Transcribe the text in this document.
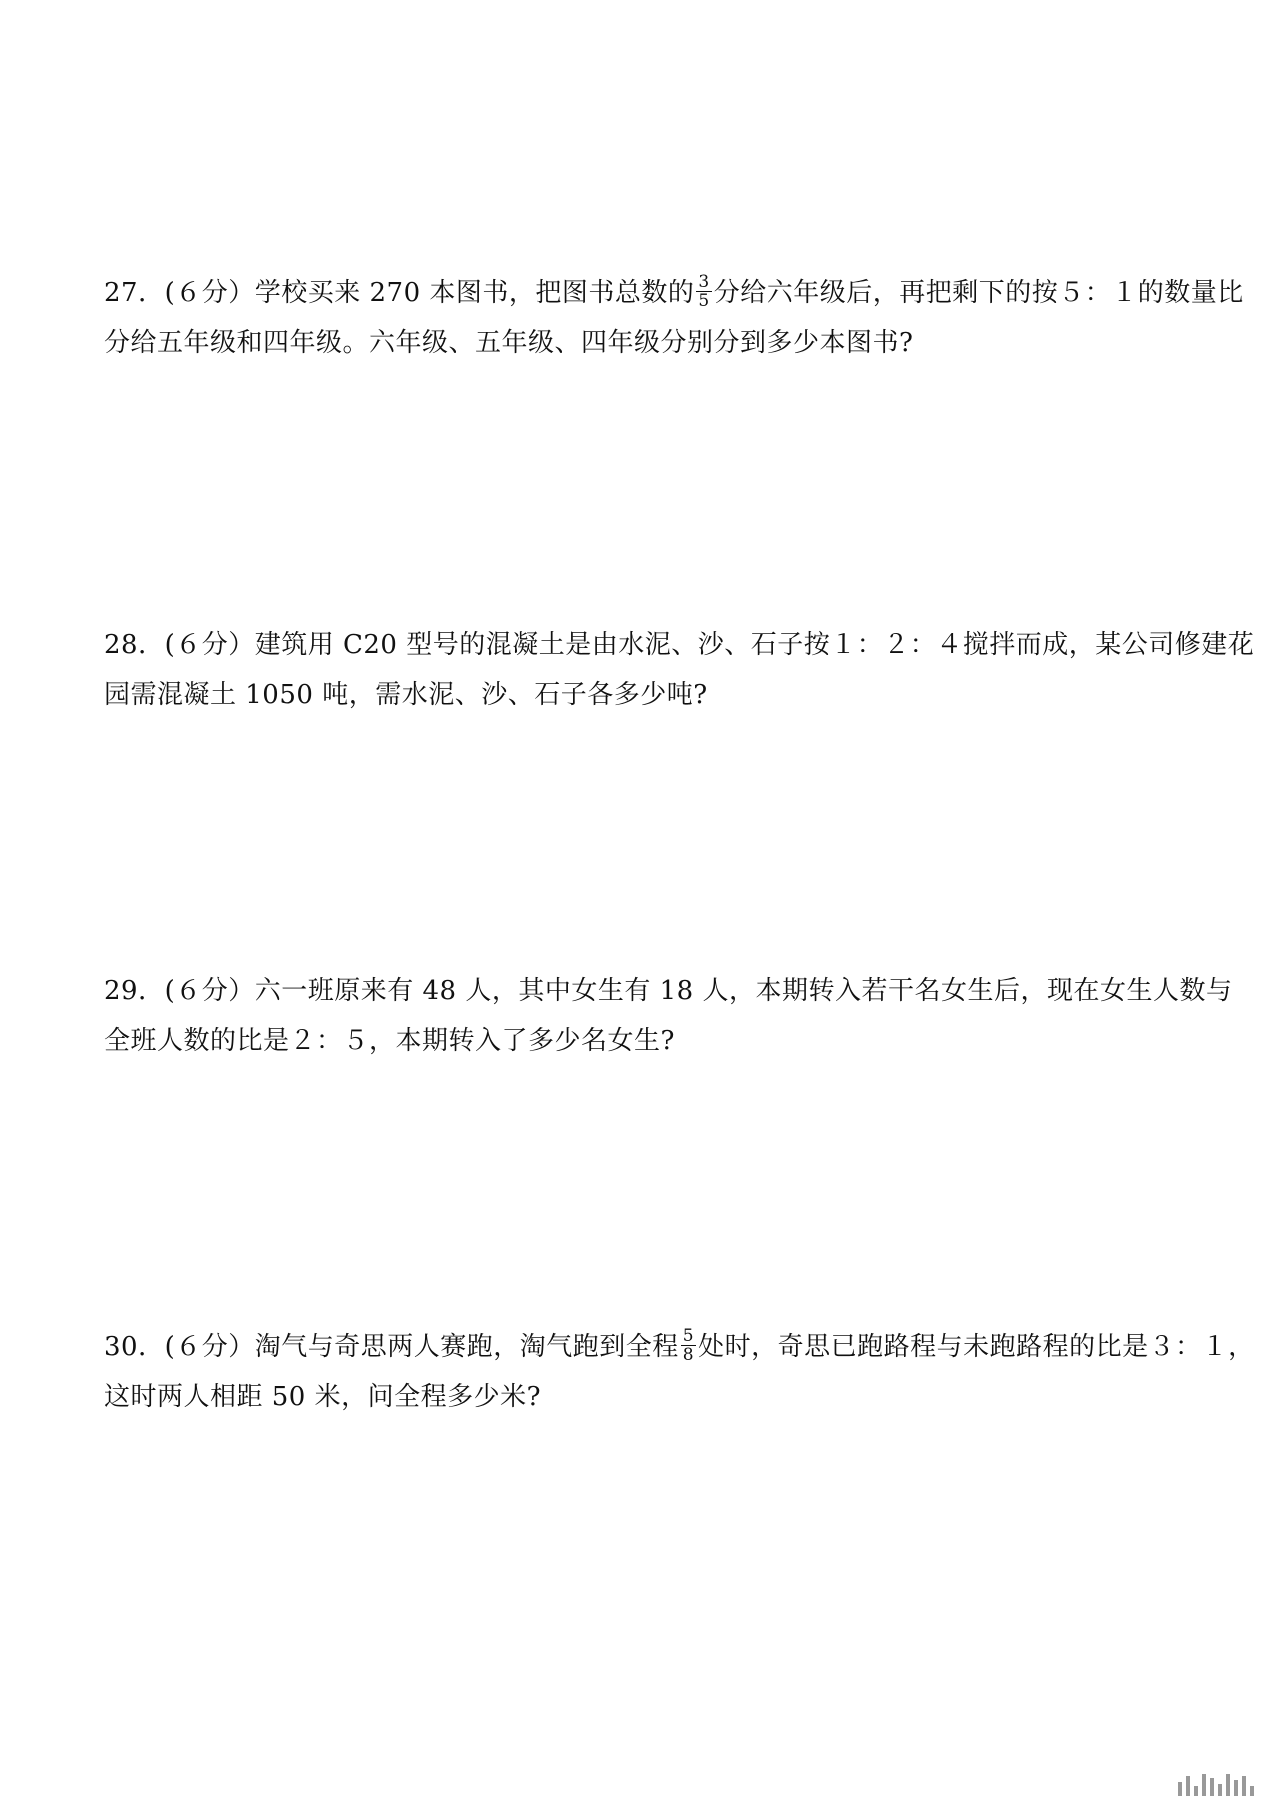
27．(６分）学校买来 270 本图书，把图书总数的 $\frac{3}{5}$ 分给六年级后，再把剩下的按５：１的数量比
分给五年级和四年级。六年级、五年级、四年级分别分到多少本图书?
28．(６分）建筑用 C20 型号的混凝土是由水泥、沙、石子按１：２：４搅拌而成，某公司修建花
园需混凝土 1050 吨，需水泥、沙、石子各多少吨?
29．(６分）六一班原来有 48 人，其中女生有 18 人，本期转入若干名女生后，现在女生人数与
全班人数的比是２：５，本期转入了多少名女生?
30．(６分）淘气与奇思两人赛跑，淘气跑到全程 $\frac{5}{8}$ 处时，奇思已跑路程与未跑路程的比是３：１，
这时两人相距 50 米，问全程多少米?
